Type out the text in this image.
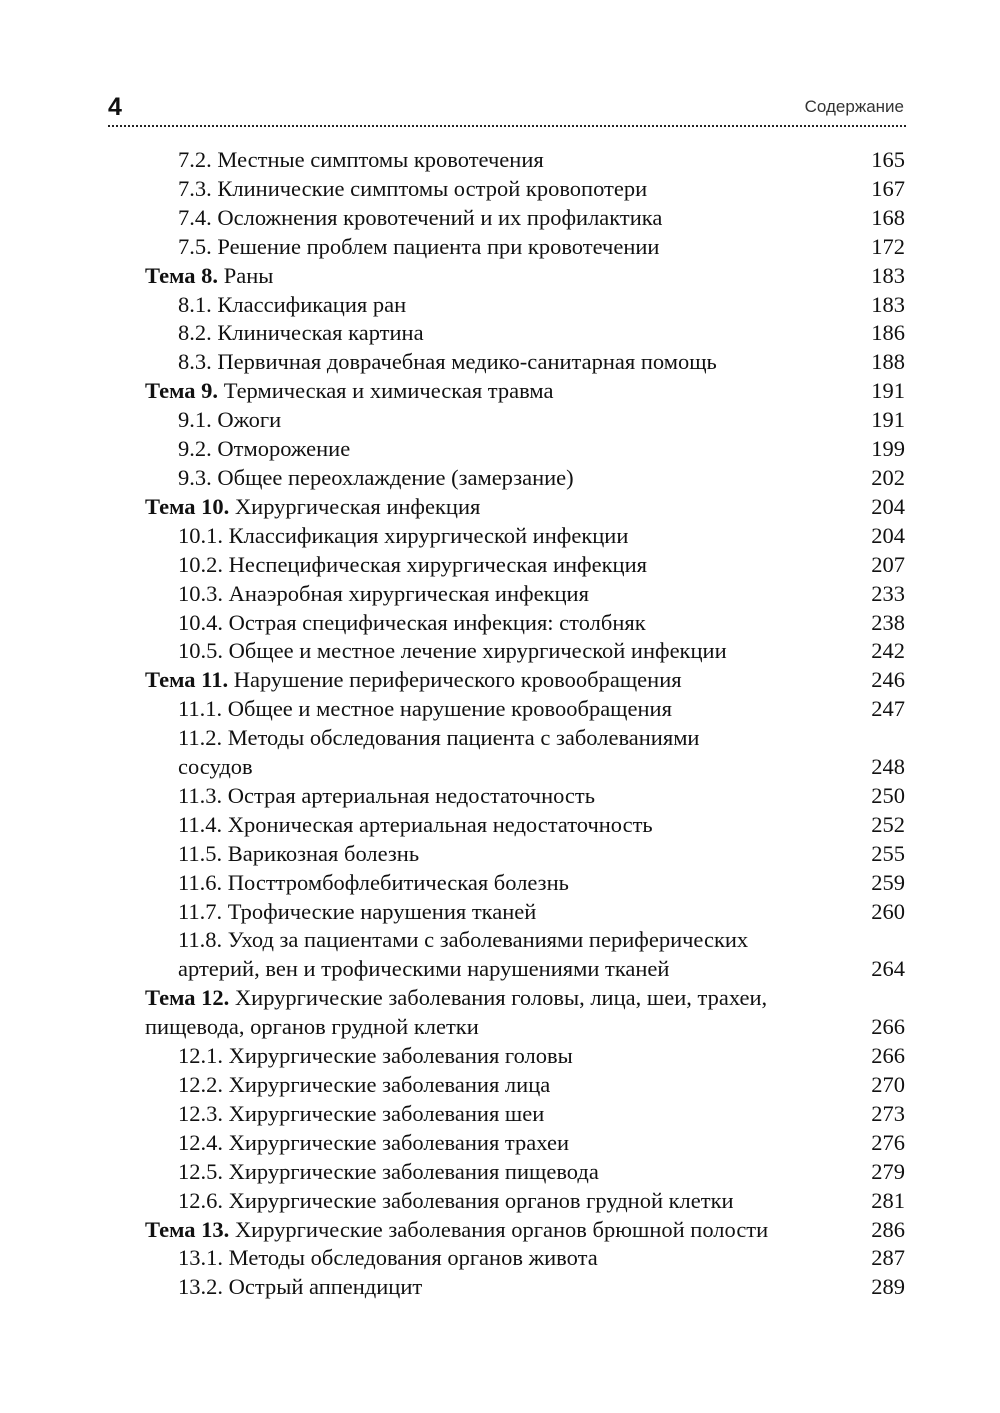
4	Содержание
7.2. Местные симптомы кровотечения . . .	165
7.3. Клинические симптомы острой кровопотери . . .	167
7.4. Осложнения кровотечений и их профилактика . . .	168
7.5. Решение проблем пациента при кровотечении . . .	172
Тема 8. Раны . . .	183
8.1. Классификация ран . . .	183
8.2. Клиническая картина . . .	186
8.3. Первичная доврачебная медико-санитарная помощь . . .	188
Тема 9. Термическая и химическая травма . . .	191
9.1. Ожоги . . .	191
9.2. Отморожение . . .	199
9.3. Общее переохлаждение (замерзание) . . .	202
Тема 10. Хирургическая инфекция . . .	204
10.1. Классификация хирургической инфекции . . .	204
10.2. Неспецифическая хирургическая инфекция . . .	207
10.3. Анаэробная хирургическая инфекция . . .	233
10.4. Острая специфическая инфекция: столбняк . . .	238
10.5. Общее и местное лечение хирургической инфекции . . .	242
Тема 11. Нарушение периферического кровообращения . . .	246
11.1. Общее и местное нарушение кровообращения . . .	247
11.2. Методы обследования пациента с заболеваниями
сосудов . . .	248
11.3. Острая артериальная недостаточность . . .	250
11.4. Хроническая артериальная недостаточность . . .	252
11.5. Варикозная болезнь . . .	255
11.6. Посттромбофлебитическая болезнь . . .	259
11.7. Трофические нарушения тканей . . .	260
11.8. Уход за пациентами с заболеваниями периферических
артерий, вен и трофическими нарушениями тканей . . .	264
Тема 12. Хирургические заболевания головы, лица, шеи, трахеи,
пищевода, органов грудной клетки . . .	266
12.1. Хирургические заболевания головы . . .	266
12.2. Хирургические заболевания лица . . .	270
12.3. Хирургические заболевания шеи . . .	273
12.4. Хирургические заболевания трахеи . . .	276
12.5. Хирургические заболевания пищевода . . .	279
12.6. Хирургические заболевания органов грудной клетки . . .	281
Тема 13. Хирургические заболевания органов брюшной полости . . .	286
13.1. Методы обследования органов живота . . .	287
13.2. Острый аппендицит . . .	289
